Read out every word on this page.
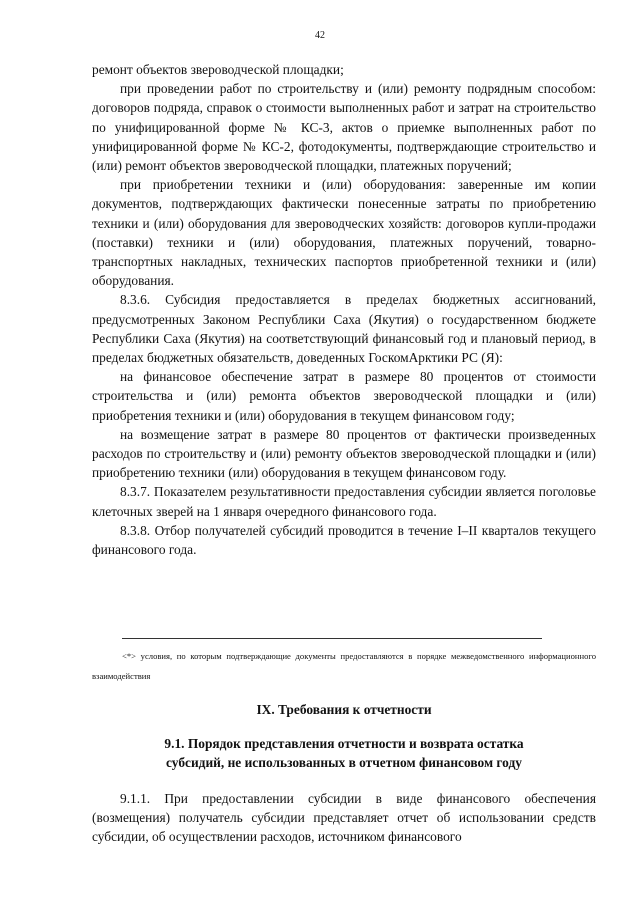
42

ремонт объектов звероводческой площадки;

при проведении работ по строительству и (или) ремонту подрядным способом: договоров подряда, справок о стоимости выполненных работ и затрат на строительство по унифицированной форме № КС-3, актов о приемке выполненных работ по унифицированной форме № КС-2, фотодокументы, подтверждающие строительство и (или) ремонт объектов звероводческой площадки, платежных поручений;

при приобретении техники и (или) оборудования: заверенные им копии документов, подтверждающих фактически понесенные затраты по приобретению техники и (или) оборудования для звероводческих хозяйств: договоров купли-продажи (поставки) техники и (или) оборудования, платежных поручений, товарно-транспортных накладных, технических паспортов приобретенной техники и (или) оборудования.

8.3.6. Субсидия предоставляется в пределах бюджетных ассигнований, предусмотренных Законом Республики Саха (Якутия) о государственном бюджете Республики Саха (Якутия) на соответствующий финансовый год и плановый период, в пределах бюджетных обязательств, доведенных ГоскомАрктики РС (Я):

на финансовое обеспечение затрат в размере 80 процентов от стоимости строительства и (или) ремонта объектов звероводческой площадки и (или) приобретения техники и (или) оборудования в текущем финансовом году;

на возмещение затрат в размере 80 процентов от фактически произведенных расходов по строительству и (или) ремонту объектов звероводческой площадки и (или) приобретению техники (или) оборудования в текущем финансовом году.

8.3.7. Показателем результативности предоставления субсидии является поголовье клеточных зверей на 1 января очередного финансового года.

8.3.8. Отбор получателей субсидий проводится в течение I–II кварталов текущего финансового года.

<*> условия, по которым подтверждающие документы предоставляются в порядке межведомственного информационного взаимодействия
IX. Требования к отчетности
9.1. Порядок представления отчетности и возврата остатка
субсидий, не использованных в отчетном финансовом году

9.1.1. При предоставлении субсидии в виде финансового обеспечения (возмещения) получатель субсидии представляет отчет об использовании средств субсидии, об осуществлении расходов, источником финансового
